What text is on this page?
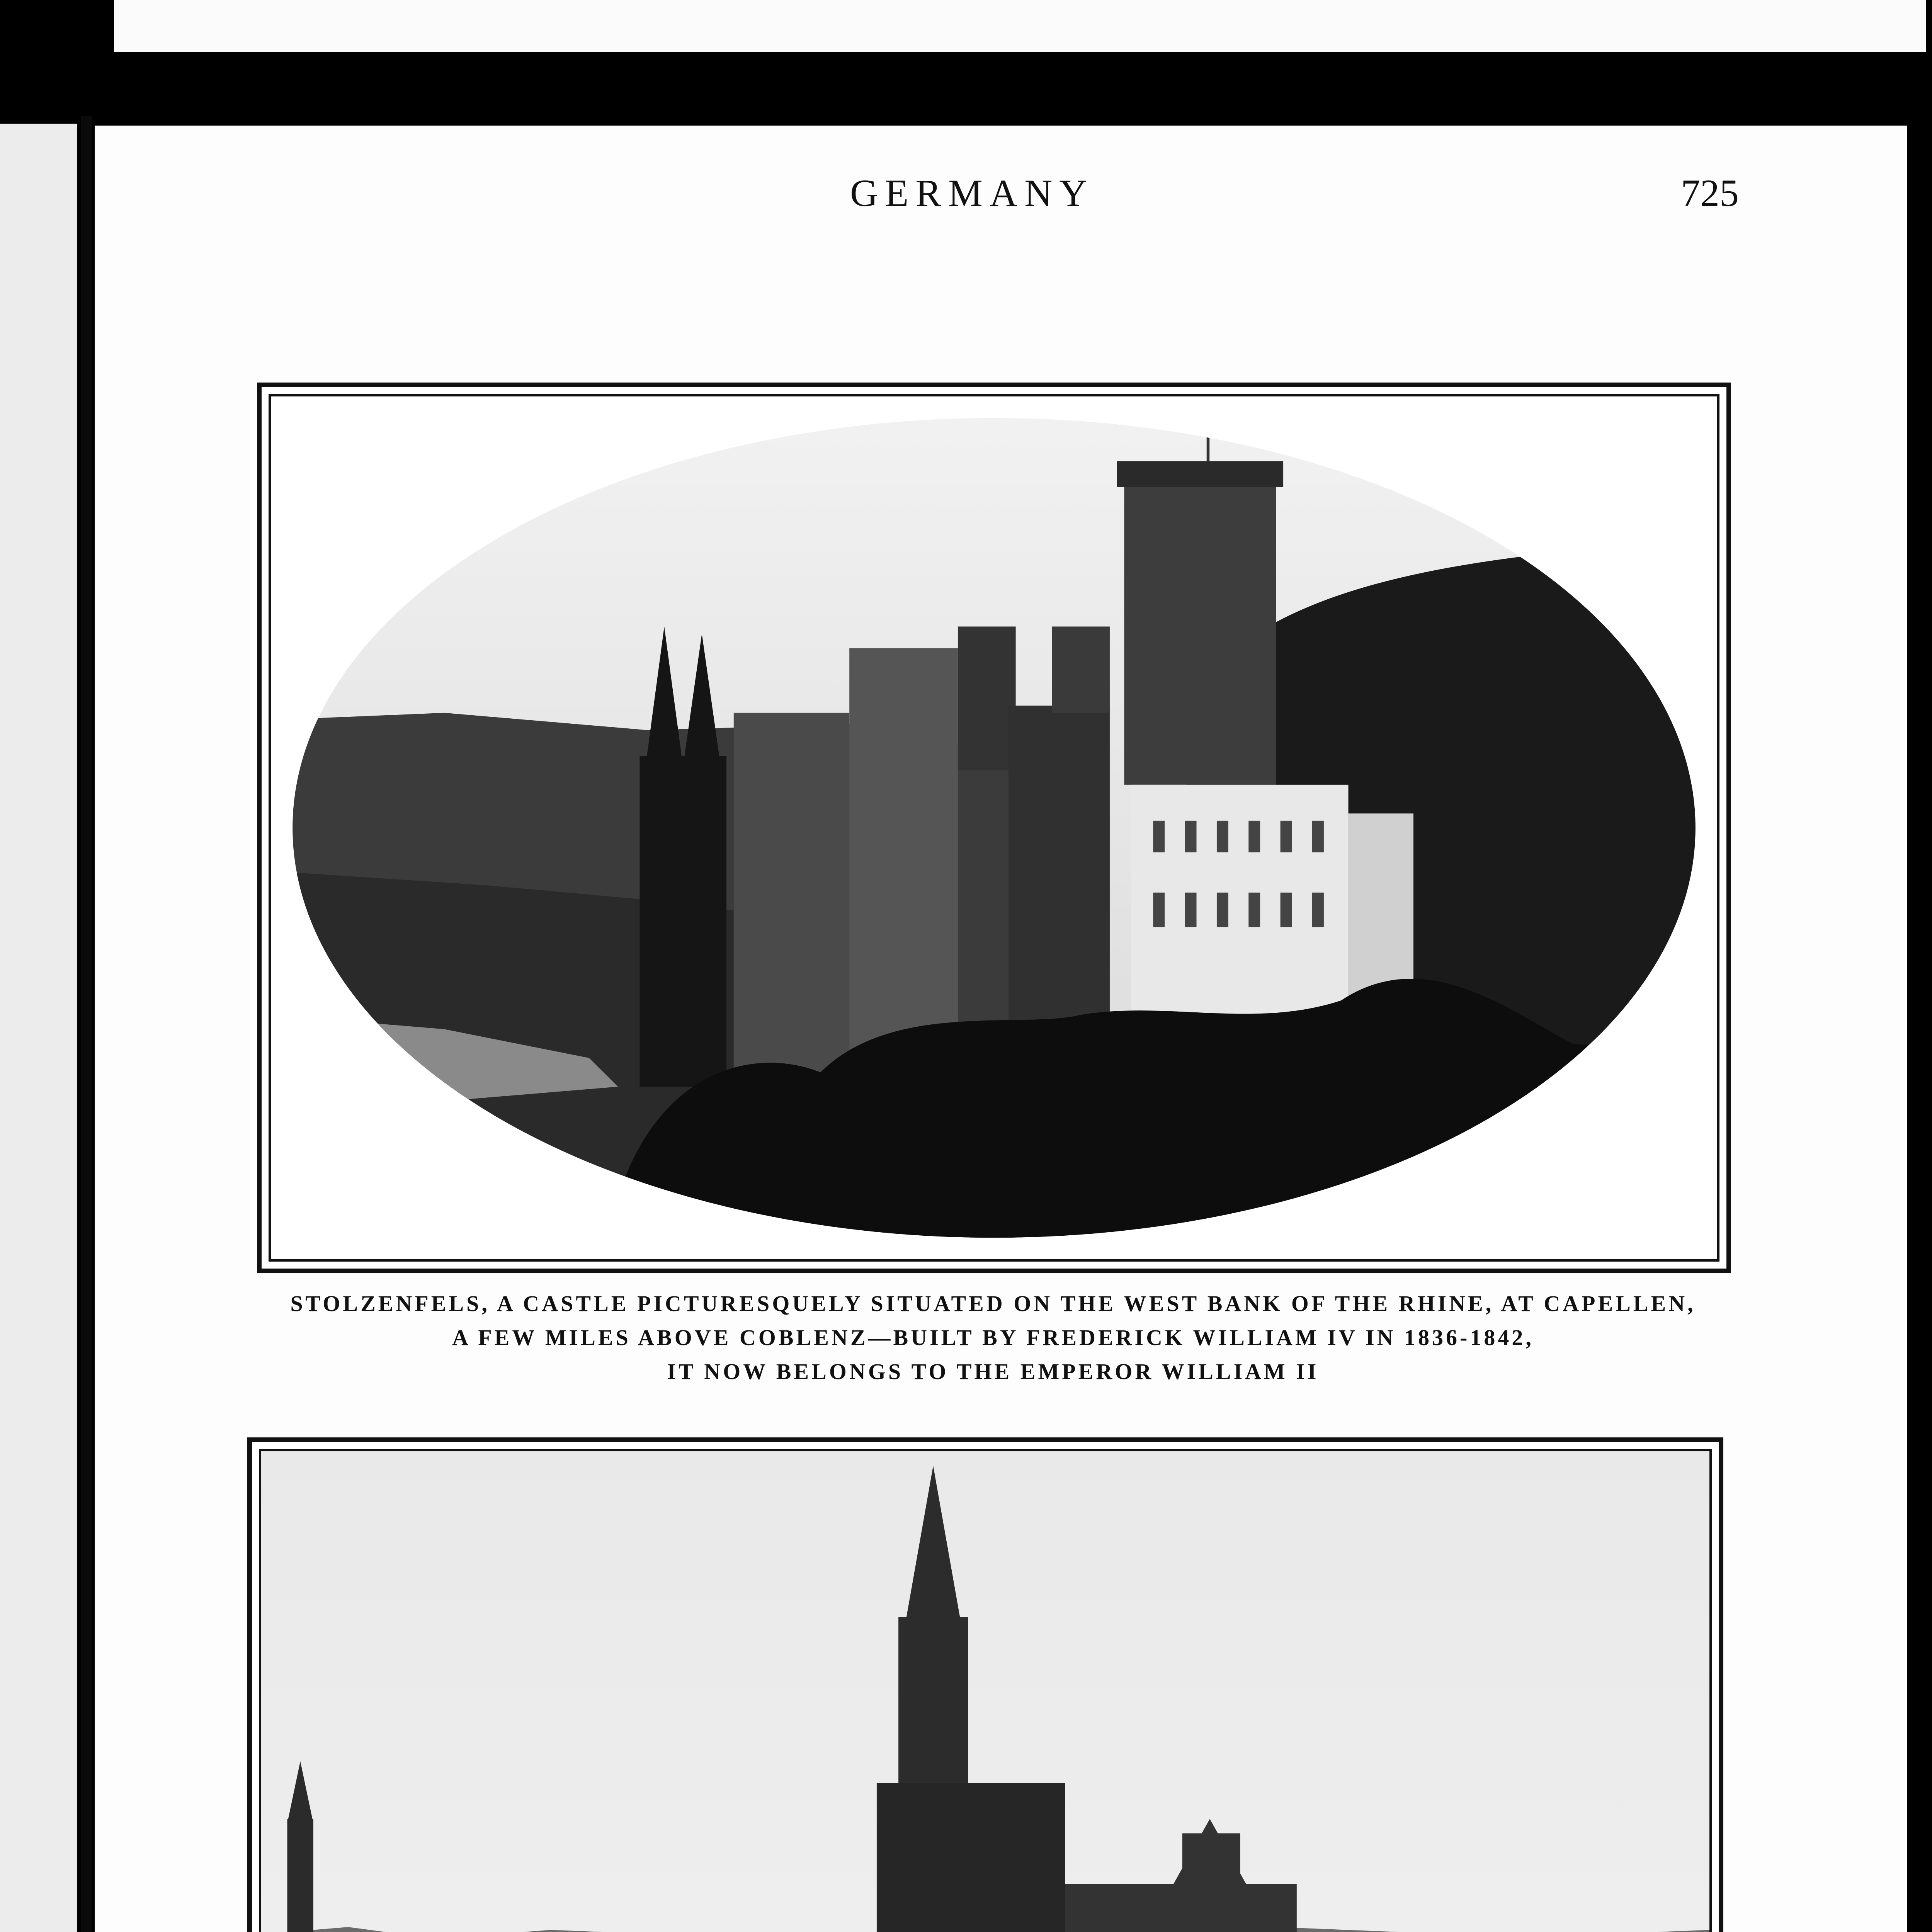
GERMANY	725
STOLZENFELS, A CASTLE PICTURESQUELY SITUATED ON THE WEST BANK OF THE RHINE, AT CAPELLEN,
A FEW MILES ABOVE COBLENZ—BUILT BY FREDERICK WILLIAM IV IN 1836-1842,
IT NOW BELONGS TO THE EMPEROR WILLIAM II
